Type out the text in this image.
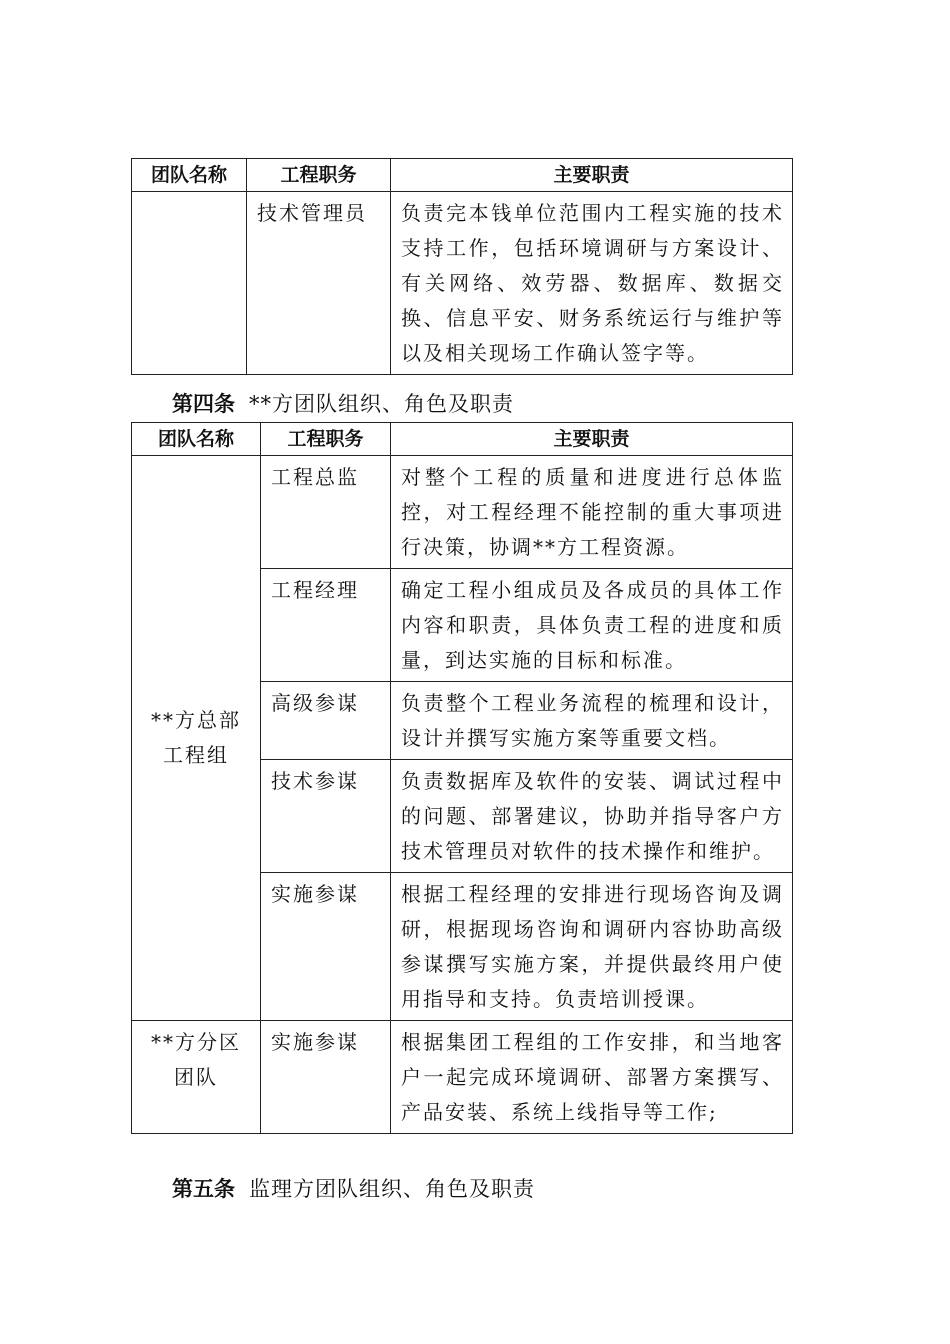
团队名称	工程职务	主要职责
	技术管理员	负责完本钱单位范围内工程实施的技术支持工作，包括环境调研与方案设计、有关网络、效劳器、数据库、数据交换、信息平安、财务系统运行与维护等以及相关现场工作确认签字等。
第四条 **方团队组织、角色及职责
团队名称	工程职务	主要职责

**方总部工程组	工程总监	对整个工程的质量和进度进行总体监控，对工程经理不能控制的重大事项进行决策，协调**方工程资源。
	工程经理	确定工程小组成员及各成员的具体工作内容和职责，具体负责工程的进度和质量，到达实施的目标和标准。
	高级参谋	负责整个工程业务流程的梳理和设计，设计并撰写实施方案等重要文档。
	技术参谋	负责数据库及软件的安装、调试过程中的问题、部署建议，协助并指导客户方技术管理员对软件的技术操作和维护。
	实施参谋	根据工程经理的安排进行现场咨询及调研，根据现场咨询和调研内容协助高级参谋撰写实施方案，并提供最终用户使用指导和支持。负责培训授课。

**方分区团队	实施参谋	根据集团工程组的工作安排，和当地客户一起完成环境调研、部署方案撰写、产品安装、系统上线指导等工作;
第五条 监理方团队组织、角色及职责
